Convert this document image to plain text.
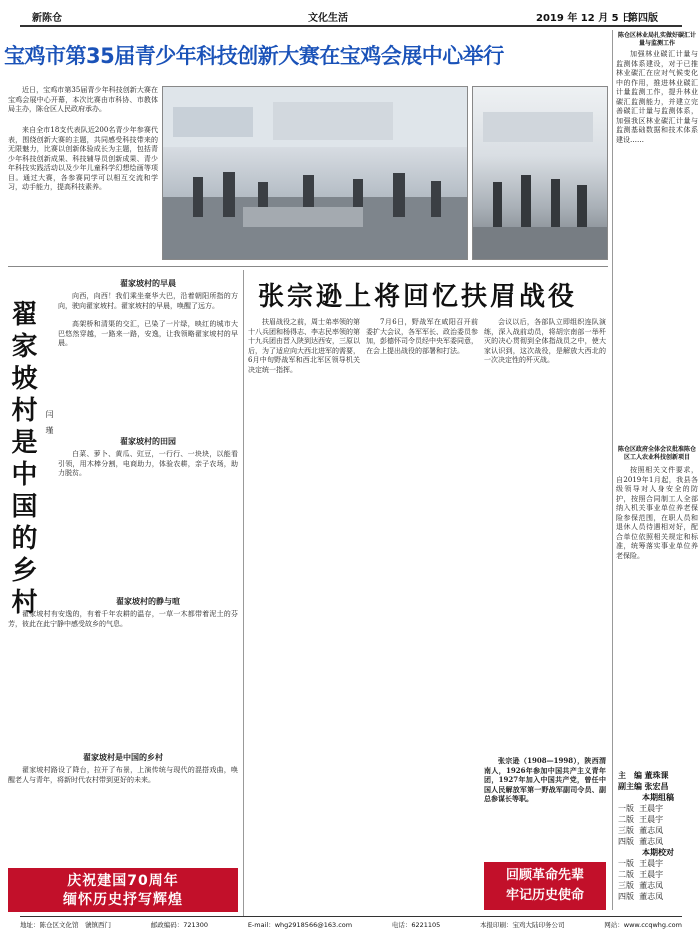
新陈仓	文化生活	2019 年 12 月 5 日
第四版
宝鸡市第35届青少年科技创新大赛在宝鸡会展中心举行
近日，宝鸡市第35届青少年科技创新大赛在宝鸡会展中心开幕，本次比赛由市科协、市教体局主办，陈仓区人民政府承办。
来自全市18支代表队近200名青少年参赛代表，围绕创新大赛的主题，共同感受科技带来的无限魅力，比赛以创新体验成长为主题，包括青少年科技创新成果、科技辅导员创新成果、青少年科技实践活动以及少年儿童科学幻想绘画等项目。通过大赛，各参赛同学可以相互交流和学习，动手能力，提高科技素养。
陈仓区林业局扎实做好碳汇计量与监测工作
加强林业碳汇计量与监测体系建设，对于已推林业碳汇在应对气候变化中的作用，推进林业碳汇计量监测工作，提升林业碳汇监测能力，并建立完善碳汇计量与监测体系，加强我区林业碳汇计量与监测基础数据和技术体系建设……
陈仓区政府全体会议批准陈仓区工人农业科技创新项目
按照相关文件要求，自2019年1月起，我县各级领导对人身安全的防护，按照合同制工人全部纳入机关事业单位养老保险参保范围，在职人员和退休人员待遇相对好，配合单位依照相关规定和标准，统筹落实事业单位养老保险。
主　编 董珠课
副主编 张宏昌
本期组稿
一版 王晨宇
二版 王晨宇
三版 董志凤
四版 董志凤
本期校对
一版 王晨宇
二版 王晨宇
三版 董志凤
四版 董志凤
翟家坡村是中国的乡村 闫　瑾
翟家坡村的早晨
向西，向西！我们乘坐豪华大巴，沿着朝阳所指的方向，驶向翟家坡村。翟家坡村的早晨，唤醒了远方。
高架桥和清渠的交汇，已染了一片绿，映红的城市大巴悠然穿越，一路来一路，安逸，让我领略翟家坡村的早晨。
翟家坡村的田园
白菜、萝卜、黄瓜、豇豆，一行行、一块块，以能看引领，用木棒分割，电商助力，体验农耕，亲子农场，助力脱贫。
翟家坡村的静与喧
翟家坡村有安逸的，有着千年农耕的温存，一草一木都带着泥土的芬芳，彼此在此宁静中感受故乡的气息。
翟家坡村是中国的乡村
翟家坡村路设了降台，拉开了布景，上演传统与现代的混搭戏曲，唤醒老人与青年，将新时代农村带到更好的未来。
庆祝建国70周年
缅怀历史抒写辉煌
张宗逊上将回忆扶眉战役
扶眉战役之前，周士弟率领的第十八兵团和杨得志、李志民率领的第十九兵团由晋入陕到达西安，三原以后，为了适应向大西北进军的需要，6月中旬野战军和西北军区领导机关决定统一指挥。
7月6日，野战军在咸阳召开前委扩大会议，各军军长、政治委员参加，彭德怀司令员经中央军委同意，在会上提出战役的部署和打法。
会议以后，各部队立即组织连队演练，深入战前动员，将胡宗南部一举歼灭的决心贯彻到全体指战员之中，使大家认识到，这次战役，是解放大西北的一次决定性的歼灭战。
张宗逊（1908—1998），陕西渭南人，1926年参加中国共产主义青年团，1927年加入中国共产党，曾任中国人民解放军第一野战军副司令员、副总参谋长等职。
回顾革命先辈
牢记历史使命
地址：陈仓区文化馆　虢镇西门	邮政编码：721300	E-mail：whg2918566@163.com	电话：6221105	本报印刷：宝鸡大陆印务公司	网站：www.ccqwhg.com
